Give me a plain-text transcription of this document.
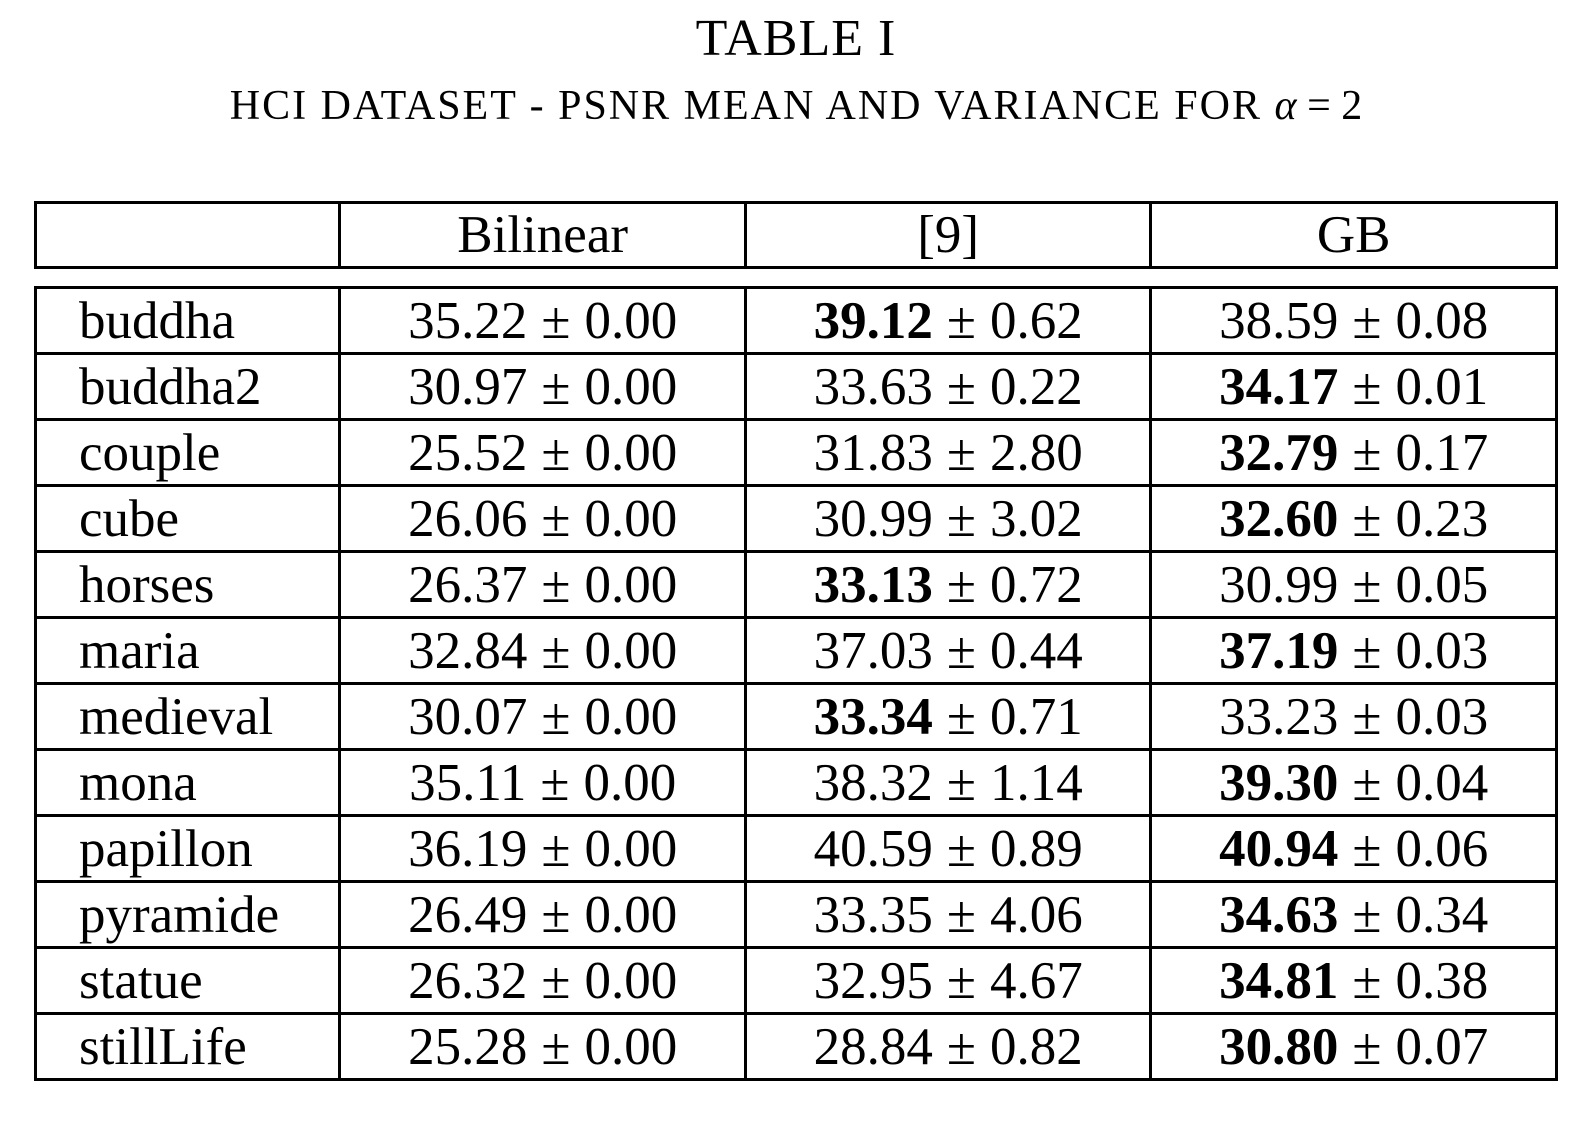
TABLE I
HCI DATASET - PSNR MEAN AND VARIANCE FOR α = 2
	Bilinear	[9]	GB
buddha	35.22 ± 0.00	39.12 ± 0.62	38.59 ± 0.08
buddha2	30.97 ± 0.00	33.63 ± 0.22	34.17 ± 0.01
couple	25.52 ± 0.00	31.83 ± 2.80	32.79 ± 0.17
cube	26.06 ± 0.00	30.99 ± 3.02	32.60 ± 0.23
horses	26.37 ± 0.00	33.13 ± 0.72	30.99 ± 0.05
maria	32.84 ± 0.00	37.03 ± 0.44	37.19 ± 0.03
medieval	30.07 ± 0.00	33.34 ± 0.71	33.23 ± 0.03
mona	35.11 ± 0.00	38.32 ± 1.14	39.30 ± 0.04
papillon	36.19 ± 0.00	40.59 ± 0.89	40.94 ± 0.06
pyramide	26.49 ± 0.00	33.35 ± 4.06	34.63 ± 0.34
statue	26.32 ± 0.00	32.95 ± 4.67	34.81 ± 0.38
stillLife	25.28 ± 0.00	28.84 ± 0.82	30.80 ± 0.07
